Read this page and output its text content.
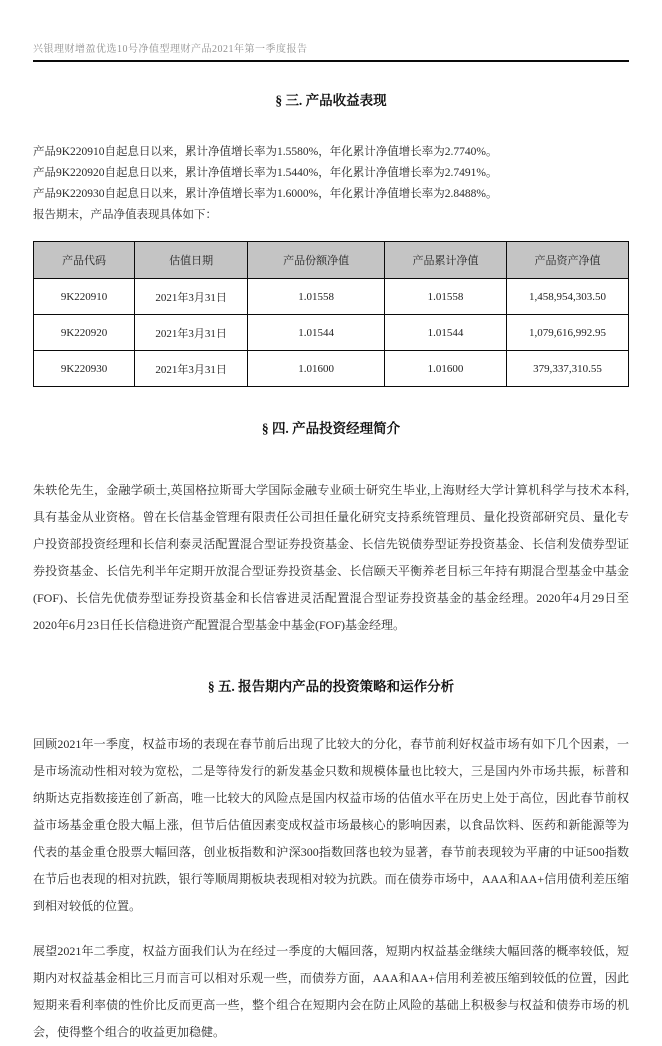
兴银理财增盈优选10号净值型理财产品2021年第一季度报告
§ 三. 产品收益表现
产品9K220910自起息日以来，累计净值增长率为1.5580%，年化累计净值增长率为2.7740%。
产品9K220920自起息日以来，累计净值增长率为1.5440%，年化累计净值增长率为2.7491%。
产品9K220930自起息日以来，累计净值增长率为1.6000%，年化累计净值增长率为2.8488%。
报告期末，产品净值表现具体如下：
产品代码	估值日期	产品份额净值	产品累计净值	产品资产净值
9K220910	2021年3月31日	1.01558	1.01558	1,458,954,303.50
9K220920	2021年3月31日	1.01544	1.01544	1,079,616,992.95
9K220930	2021年3月31日	1.01600	1.01600	379,337,310.55
§ 四. 产品投资经理简介
朱轶伦先生，金融学硕士,英国格拉斯哥大学国际金融专业硕士研究生毕业,上海财经大学计算机科学与技术本科,具有基金从业资格。曾在长信基金管理有限责任公司担任量化研究支持系统管理员、量化投资部研究员、量化专户投资部投资经理和长信利泰灵活配置混合型证券投资基金、长信先锐债券型证券投资基金、长信利发债券型证券投资基金、长信先利半年定期开放混合型证券投资基金、长信颐天平衡养老目标三年持有期混合型基金中基金(FOF)、长信先优债券型证券投资基金和长信睿进灵活配置混合型证券投资基金的基金经理。2020年4月29日至2020年6月23日任长信稳进资产配置混合型基金中基金(FOF)基金经理。
§ 五. 报告期内产品的投资策略和运作分析
回顾2021年一季度，权益市场的表现在春节前后出现了比较大的分化，春节前利好权益市场有如下几个因素，一是市场流动性相对较为宽松，二是等待发行的新发基金只数和规模体量也比较大，三是国内外市场共振，标普和纳斯达克指数接连创了新高，唯一比较大的风险点是国内权益市场的估值水平在历史上处于高位，因此春节前权益市场基金重仓股大幅上涨，但节后估值因素变成权益市场最核心的影响因素，以食品饮料、医药和新能源等为代表的基金重仓股票大幅回落，创业板指数和沪深300指数回落也较为显著，春节前表现较为平庸的中证500指数在节后也表现的相对抗跌，银行等顺周期板块表现相对较为抗跌。而在债券市场中，AAA和AA+信用债利差压缩到相对较低的位置。
展望2021年二季度，权益方面我们认为在经过一季度的大幅回落，短期内权益基金继续大幅回落的概率较低，短期内对权益基金相比三月而言可以相对乐观一些，而债券方面，AAA和AA+信用利差被压缩到较低的位置，因此短期来看利率债的性价比反而更高一些，整个组合在短期内会在防止风险的基础上积极参与权益和债券市场的机会，使得整个组合的收益更加稳健。
